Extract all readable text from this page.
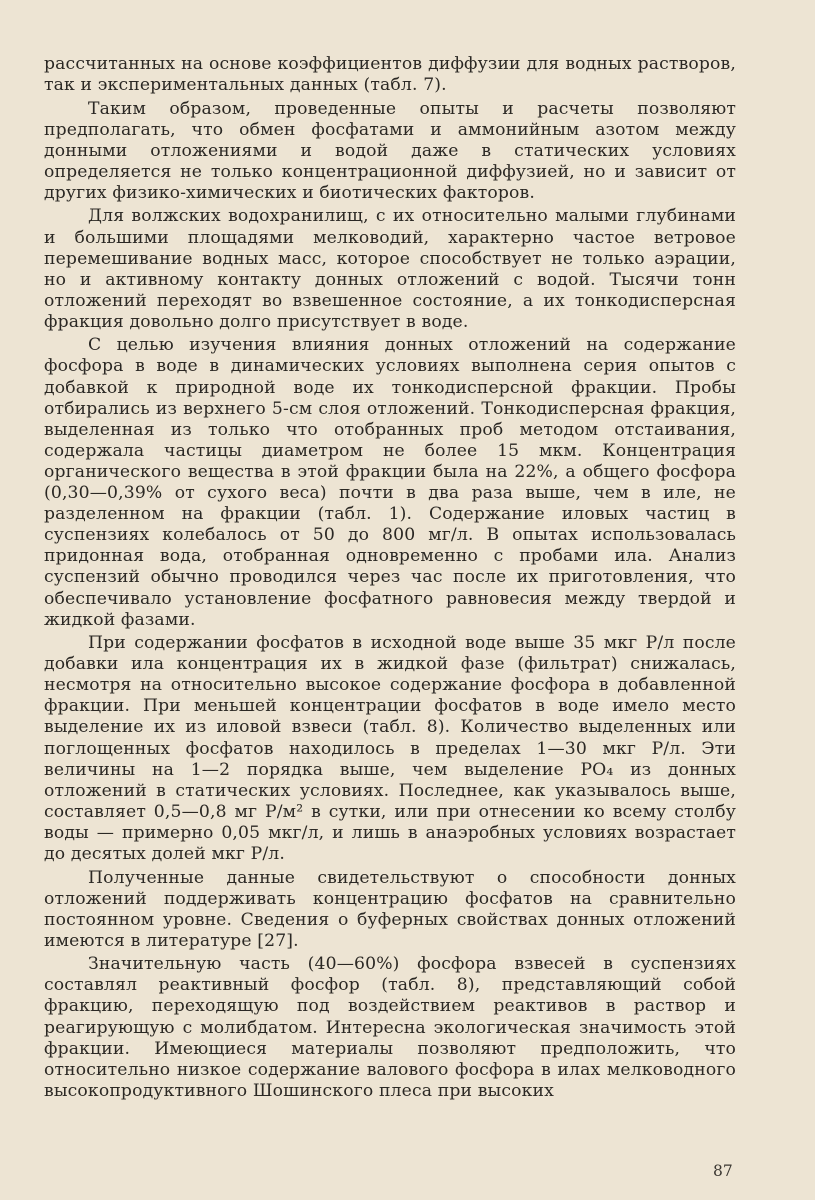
рассчитанных на основе коэффициентов диффузии для водных растворов, так и экспериментальных данных (табл. 7).

Таким образом, проведенные опыты и расчеты позволяют предполагать, что обмен фосфатами и аммонийным азотом между донными отложениями и водой даже в статических условиях определяется не только концентрационной диффузией, но и зависит от других физико-химических и биотических факторов.

Для волжских водохранилищ, с их относительно малыми глубинами и большими площадями мелководий, характерно частое ветровое перемешивание водных масс, которое способствует не только аэрации, но и активному контакту донных отложений с водой. Тысячи тонн отложений переходят во взвешенное состояние, а их тонкодисперсная фракция довольно долго присутствует в воде.

С целью изучения влияния донных отложений на содержание фосфора в воде в динамических условиях выполнена серия опытов с добавкой к природной воде их тонкодисперсной фракции. Пробы отбирались из верхнего 5-см слоя отложений. Тонкодисперсная фракция, выделенная из только что отобранных проб методом отстаивания, содержала частицы диаметром не более 15 мкм. Концентрация органического вещества в этой фракции была на 22%, а общего фосфора (0,30—0,39% от сухого веса) почти в два раза выше, чем в иле, не разделенном на фракции (табл. 1). Содержание иловых частиц в суспензиях колебалось от 50 до 800 мг/л. В опытах использовалась придонная вода, отобранная одновременно с пробами ила. Анализ суспензий обычно проводился через час после их приготовления, что обеспечивало установление фосфатного равновесия между твердой и жидкой фазами.

При содержании фосфатов в исходной воде выше 35 мкг Р/л после добавки ила концентрация их в жидкой фазе (фильтрат) снижалась, несмотря на относительно высокое содержание фосфора в добавленной фракции. При меньшей концентрации фосфатов в воде имело место выделение их из иловой взвеси (табл. 8). Количество выделенных или поглощенных фосфатов находилось в пределах 1—30 мкг Р/л. Эти величины на 1—2 порядка выше, чем выделение РО₄ из донных отложений в статических условиях. Последнее, как указывалось выше, составляет 0,5—0,8 мг Р/м² в сутки, или при отнесении ко всему столбу воды — примерно 0,05 мкг/л, и лишь в анаэробных условиях возрастает до десятых долей мкг Р/л.

Полученные данные свидетельствуют о способности донных отложений поддерживать концентрацию фосфатов на сравнительно постоянном уровне. Сведения о буферных свойствах донных отложений имеются в литературе [27].

Значительную часть (40—60%) фосфора взвесей в суспензиях составлял реактивный фосфор (табл. 8), представляющий собой фракцию, переходящую под воздействием реактивов в раствор и реагирующую с молибдатом. Интересна экологическая значимость этой фракции. Имеющиеся материалы позволяют предположить, что относительно низкое содержание валового фосфора в илах мелководного высокопродуктивного Шошинского плеса при высоких

87
